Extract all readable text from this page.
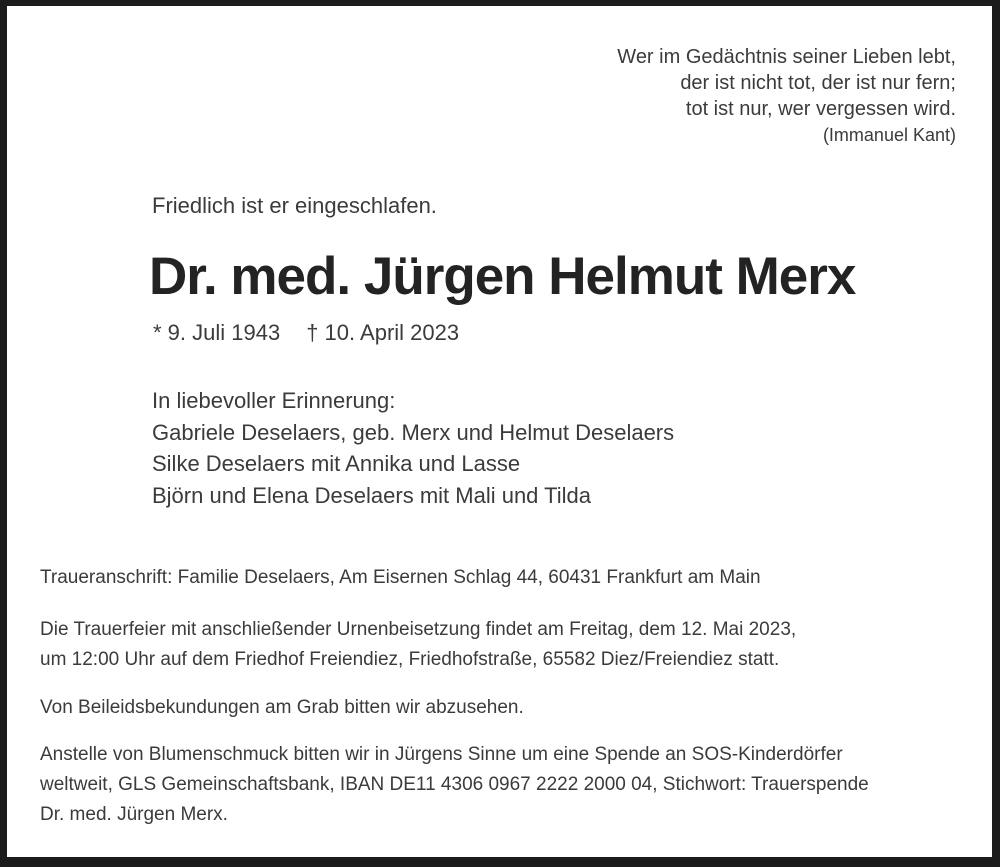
Wer im Gedächtnis seiner Lieben lebt,
der ist nicht tot, der ist nur fern;
tot ist nur, wer vergessen wird.
(Immanuel Kant)
Friedlich ist er eingeschlafen.
Dr. med. Jürgen Helmut Merx
* 9. Juli 1943 † 10. April 2023
In liebevoller Erinnerung:
Gabriele Deselaers, geb. Merx und Helmut Deselaers
Silke Deselaers mit Annika und Lasse
Björn und Elena Deselaers mit Mali und Tilda
Traueranschrift: Familie Deselaers, Am Eisernen Schlag 44, 60431 Frankfurt am Main
Die Trauerfeier mit anschließender Urnenbeisetzung findet am Freitag, dem 12. Mai 2023,
um 12:00 Uhr auf dem Friedhof Freiendiez, Friedhofstraße, 65582 Diez/Freiendiez statt.
Von Beileidsbekundungen am Grab bitten wir abzusehen.
Anstelle von Blumenschmuck bitten wir in Jürgens Sinne um eine Spende an SOS-Kinderdörfer
weltweit, GLS Gemeinschaftsbank, IBAN DE11 4306 0967 2222 2000 04, Stichwort: Trauerspende
Dr. med. Jürgen Merx.
